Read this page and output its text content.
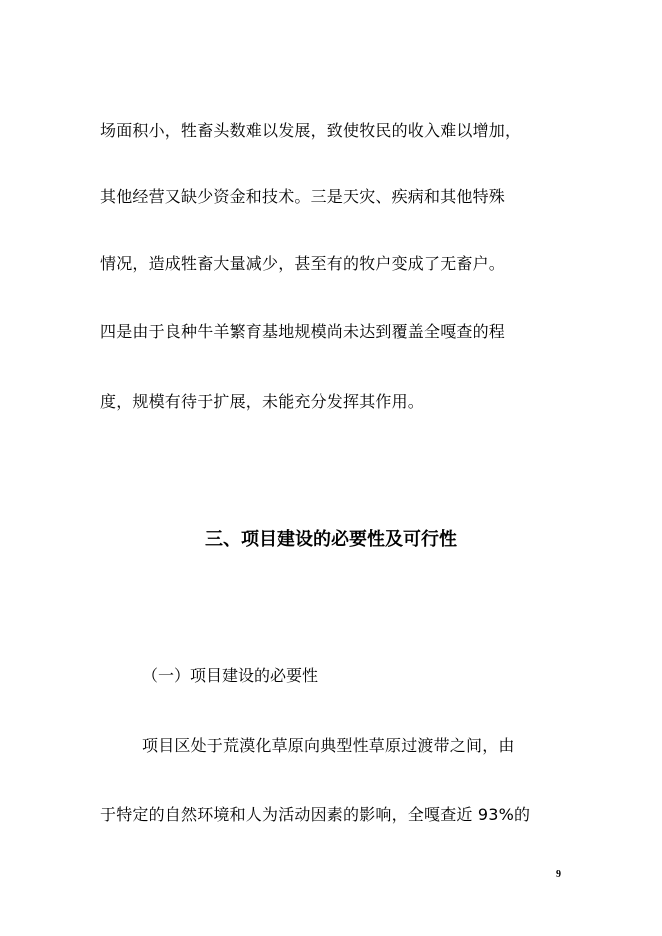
场面积小，牲畜头数难以发展，致使牧民的收入难以增加，
其他经营又缺少资金和技术。三是天灾、疾病和其他特殊
情况，造成牲畜大量减少，甚至有的牧户变成了无畜户。
四是由于良种牛羊繁育基地规模尚未达到覆盖全嘎查的程
度，规模有待于扩展，未能充分发挥其作用。
三、项目建设的必要性及可行性
（一）项目建设的必要性
项目区处于荒漠化草原向典型性草原过渡带之间，由
于特定的自然环境和人为活动因素的影响，全嘎查近 93%的
9
